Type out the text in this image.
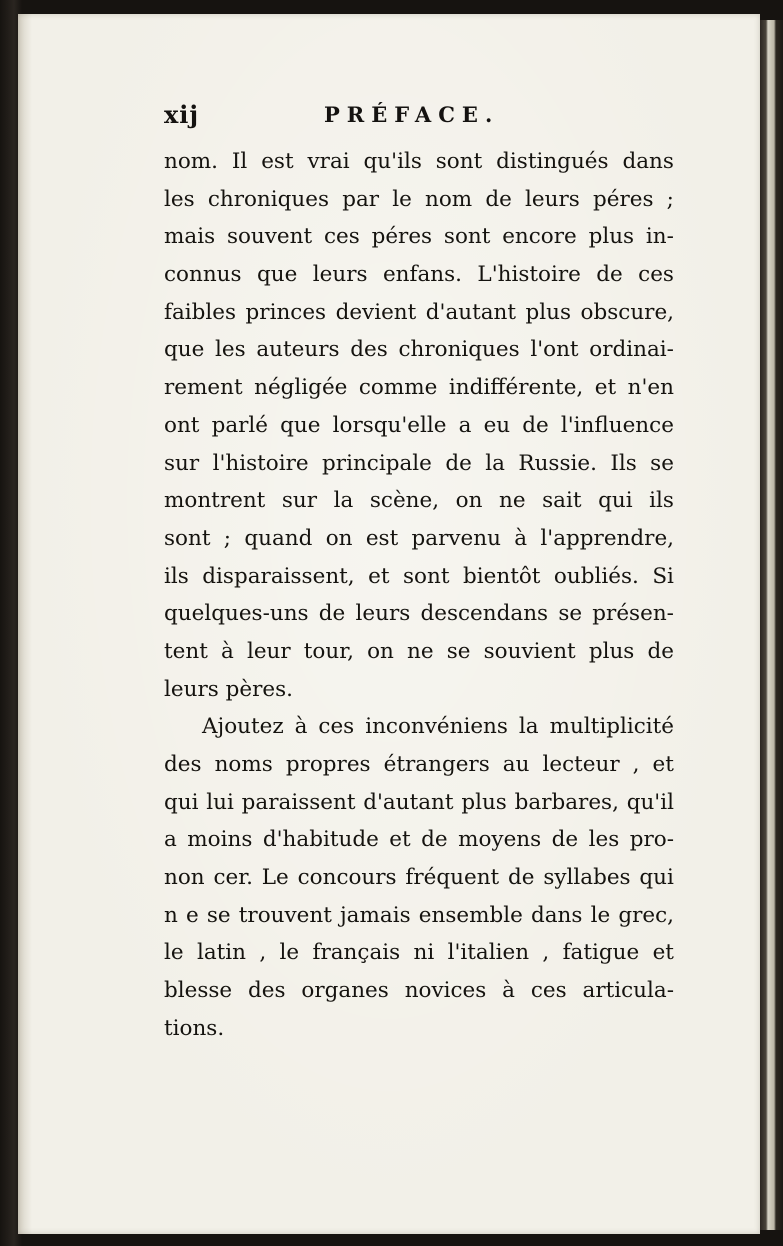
xij	PRÉFACE.
nom. Il est vrai qu'ils sont distingués dans
les chroniques par le nom de leurs péres ;
mais souvent ces péres sont encore plus in-
connus que leurs enfans. L'histoire de ces
faibles princes devient d'autant plus obscure,
que les auteurs des chroniques l'ont ordinai-
rement négligée comme indifférente, et n'en
ont parlé que lorsqu'elle a eu de l'influence
sur l'histoire principale de la Russie. Ils se
montrent sur la scène, on ne sait qui ils
sont ; quand on est parvenu à l'apprendre,
ils disparaissent, et sont bientôt oubliés. Si
quelques-uns de leurs descendans se présen-
tent à leur tour, on ne se souvient plus de
leurs pères.
Ajoutez à ces inconvéniens la multiplicité
des noms propres étrangers au lecteur , et
qui lui paraissent d'autant plus barbares, qu'il
a moins d'habitude et de moyens de les pro-
non cer. Le concours fréquent de syllabes qui
n e se trouvent jamais ensemble dans le grec,
le latin , le français ni l'italien , fatigue et
blesse des organes novices à ces articula-
tions.
